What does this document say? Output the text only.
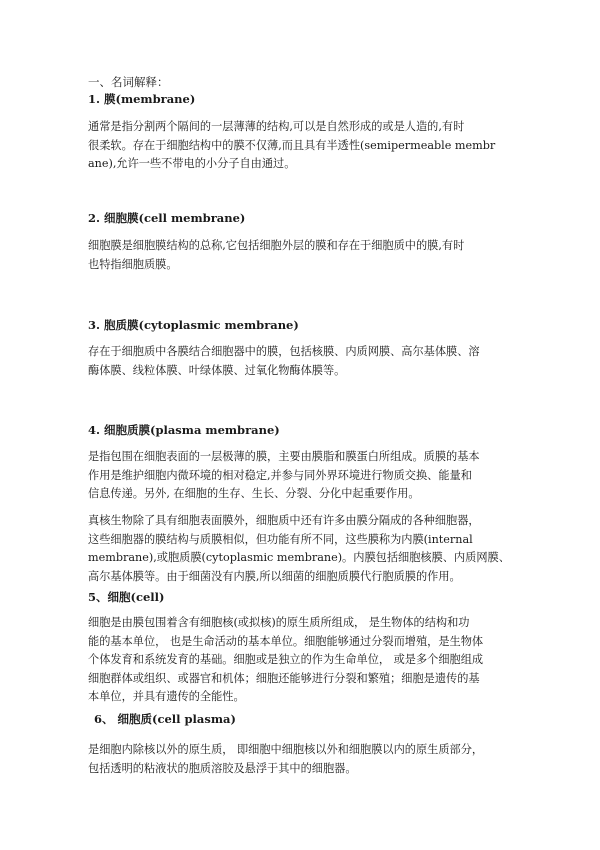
一、名词解释：
1. 膜(membrane)
通常是指分割两个隔间的一层薄薄的结构,可以是自然形成的或是人造的,有时
很柔软。存在于细胞结构中的膜不仅薄,而且具有半透性(semipermeable membr
ane),允许一些不带电的小分子自由通过。
2. 细胞膜(cell membrane)
细胞膜是细胞膜结构的总称,它包括细胞外层的膜和存在于细胞质中的膜,有时
也特指细胞质膜。
3. 胞质膜(cytoplasmic membrane)
存在于细胞质中各膜结合细胞器中的膜，包括核膜、内质网膜、高尔基体膜、溶
酶体膜、线粒体膜、叶绿体膜、过氧化物酶体膜等。
4. 细胞质膜(plasma membrane)
是指包围在细胞表面的一层极薄的膜，主要由膜脂和膜蛋白所组成。质膜的基本
作用是维护细胞内微环境的相对稳定,并参与同外界环境进行物质交换、能量和
信息传递。另外, 在细胞的生存、生长、分裂、分化中起重要作用。
真核生物除了具有细胞表面膜外，细胞质中还有许多由膜分隔成的各种细胞器，
这些细胞器的膜结构与质膜相似，但功能有所不同，这些膜称为内膜(internal
membrane),或胞质膜(cytoplasmic membrane)。内膜包括细胞核膜、内质网膜、
高尔基体膜等。由于细菌没有内膜,所以细菌的细胞质膜代行胞质膜的作用。
5、细胞(cell)
细胞是由膜包围着含有细胞核(或拟核)的原生质所组成， 是生物体的结构和功
能的基本单位， 也是生命活动的基本单位。细胞能够通过分裂而增殖，是生物体
个体发育和系统发育的基础。细胞或是独立的作为生命单位， 或是多个细胞组成
细胞群体或组织、或器官和机体；细胞还能够进行分裂和繁殖；细胞是遗传的基
本单位，并具有遗传的全能性。
6、 细胞质(cell plasma)
是细胞内除核以外的原生质， 即细胞中细胞核以外和细胞膜以内的原生质部分，
包括透明的粘液状的胞质溶胶及悬浮于其中的细胞器。
